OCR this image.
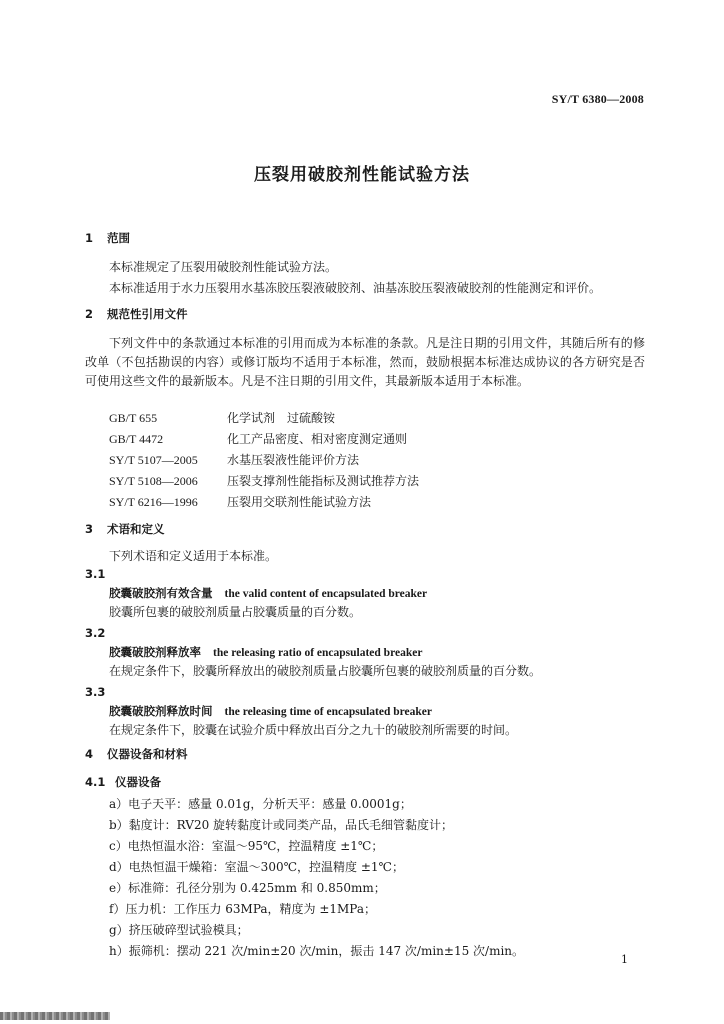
SY/T 6380—2008
压裂用破胶剂性能试验方法
1 范围
本标准规定了压裂用破胶剂性能试验方法。
本标准适用于水力压裂用水基冻胶压裂液破胶剂、油基冻胶压裂液破胶剂的性能测定和评价。
2 规范性引用文件
下列文件中的条款通过本标准的引用而成为本标准的条款。凡是注日期的引用文件，其随后所有的修改单（不包括勘误的内容）或修订版均不适用于本标准，然而，鼓励根据本标准达成协议的各方研究是否可使用这些文件的最新版本。凡是不注日期的引用文件，其最新版本适用于本标准。
GB/T 655	化学试剂　过硫酸铵
GB/T 4472	化工产品密度、相对密度测定通则
SY/T 5107—2005 水基压裂液性能评价方法
SY/T 5108—2006 压裂支撑剂性能指标及测试推荐方法
SY/T 6216—1996 压裂用交联剂性能试验方法
3 术语和定义
下列术语和定义适用于本标准。
3.1
胶囊破胶剂有效含量 the valid content of encapsulated breaker
胶囊所包裹的破胶剂质量占胶囊质量的百分数。
3.2
胶囊破胶剂释放率 the releasing ratio of encapsulated breaker
在规定条件下，胶囊所释放出的破胶剂质量占胶囊所包裹的破胶剂质量的百分数。
3.3
胶囊破胶剂释放时间 the releasing time of encapsulated breaker
在规定条件下，胶囊在试验介质中释放出百分之九十的破胶剂所需要的时间。
4 仪器设备和材料
4.1 仪器设备
a）电子天平：感量 0.01g，分析天平：感量 0.0001g；
b）黏度计：RV20 旋转黏度计或同类产品，品氏毛细管黏度计；
c）电热恒温水浴：室温～95℃，控温精度 ±1℃；
d）电热恒温干燥箱：室温～300℃，控温精度 ±1℃；
e）标准筛：孔径分别为 0.425mm 和 0.850mm；
f）压力机：工作压力 63MPa，精度为 ±1MPa；
g）挤压破碎型试验模具；
h）振筛机：摆动 221 次/min±20 次/min，振击 147 次/min±15 次/min。
1
